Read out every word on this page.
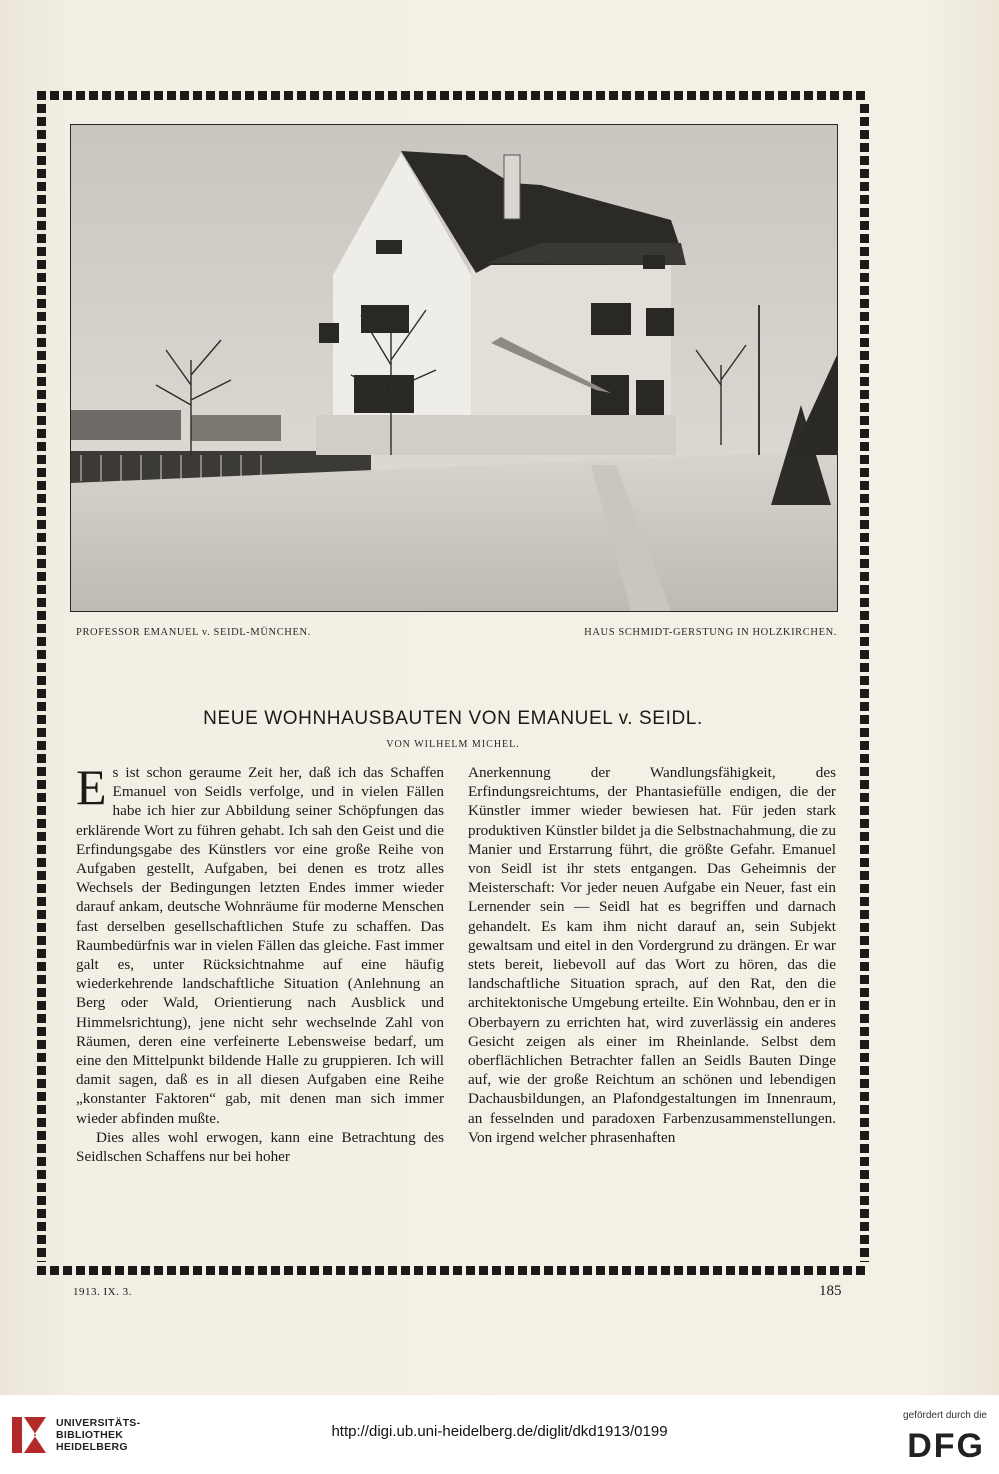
PROFESSOR EMANUEL v. SEIDL-MÜNCHEN.	HAUS SCHMIDT-GERSTUNG IN HOLZKIRCHEN.
NEUE WOHNHAUSBAUTEN VON EMANUEL v. SEIDL.
VON WILHELM MICHEL.

Es ist schon geraume Zeit her, daß ich das Schaffen Emanuel von Seidls verfolge, und in vielen Fällen habe ich hier zur Abbildung seiner Schöpfungen das erklärende Wort zu führen gehabt. Ich sah den Geist und die Erfindungsgabe des Künstlers vor eine große Reihe von Aufgaben gestellt, Aufgaben, bei denen es trotz alles Wechsels der Bedingungen letzten Endes immer wieder darauf ankam, deutsche Wohnräume für moderne Menschen fast derselben gesellschaftlichen Stufe zu schaffen. Das Raumbedürfnis war in vielen Fällen das gleiche. Fast immer galt es, unter Rücksichtnahme auf eine häufig wiederkehrende landschaftliche Situation (Anlehnung an Berg oder Wald, Orientierung nach Ausblick und Himmelsrichtung), jene nicht sehr wechselnde Zahl von Räumen, deren eine verfeinerte Lebensweise bedarf, um eine den Mittelpunkt bildende Halle zu gruppieren. Ich will damit sagen, daß es in all diesen Aufgaben eine Reihe „konstanter Faktoren“ gab, mit denen man sich immer wieder abfinden mußte.

Dies alles wohl erwogen, kann eine Betrachtung des Seidlschen Schaffens nur bei hoher

Anerkennung der Wandlungsfähigkeit, des Erfindungsreichtums, der Phantasiefülle endigen, die der Künstler immer wieder bewiesen hat. Für jeden stark produktiven Künstler bildet ja die Selbstnachahmung, die zu Manier und Erstarrung führt, die größte Gefahr. Emanuel von Seidl ist ihr stets entgangen. Das Geheimnis der Meisterschaft: Vor jeder neuen Aufgabe ein Neuer, fast ein Lernender sein — Seidl hat es begriffen und darnach gehandelt. Es kam ihm nicht darauf an, sein Subjekt gewaltsam und eitel in den Vordergrund zu drängen. Er war stets bereit, liebevoll auf das Wort zu hören, das die landschaftliche Situation sprach, auf den Rat, den die architektonische Umgebung erteilte. Ein Wohnbau, den er in Oberbayern zu errichten hat, wird zuverlässig ein anderes Gesicht zeigen als einer im Rheinlande. Selbst dem oberflächlichen Betrachter fallen an Seidls Bauten Dinge auf, wie der große Reichtum an schönen und lebendigen Dachausbildungen, an Plafondgestaltungen im Innenraum, an fesselnden und paradoxen Farbenzusammenstellungen. Von irgend welcher phrasenhaften

1913. IX. 3.	185
UNIVERSITÄTS-
BIBLIOTHEK
HEIDELBERG
http://digi.ub.uni-heidelberg.de/diglit/dkd1913/0199
gefördert durch die
DFG
